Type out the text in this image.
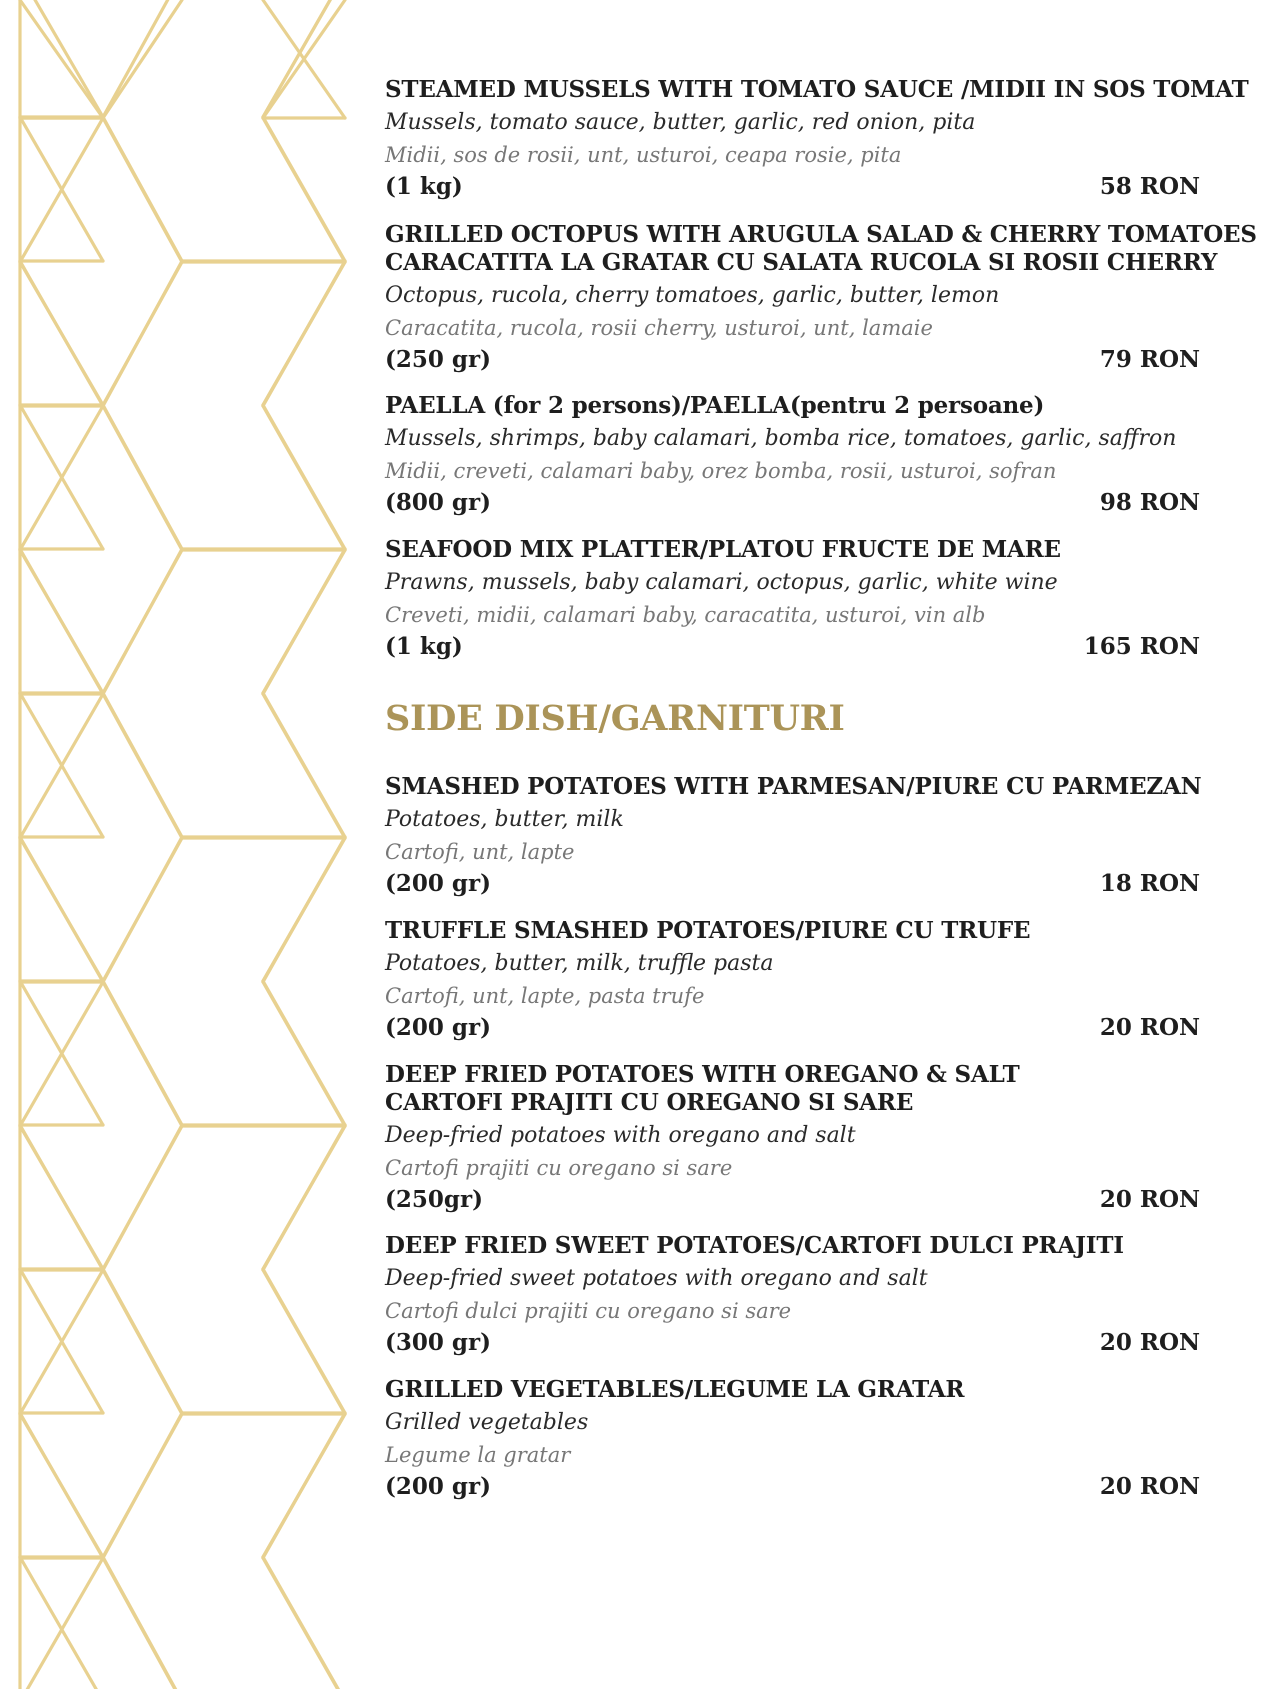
STEAMED MUSSELS WITH TOMATO SAUCE /MIDII IN SOS TOMAT
Mussels, tomato sauce, butter, garlic, red onion, pita
Midii, sos de rosii, unt, usturoi, ceapa rosie, pita
(1 kg)	58 RON
GRILLED OCTOPUS WITH ARUGULA SALAD & CHERRY TOMATOES
CARACATITA LA GRATAR CU SALATA RUCOLA SI ROSII CHERRY
Octopus, rucola, cherry tomatoes, garlic, butter, lemon
Caracatita, rucola, rosii cherry, usturoi, unt, lamaie
(250 gr)	79 RON
PAELLA (for 2 persons)/PAELLA(pentru 2 persoane)
Mussels, shrimps, baby calamari, bomba rice, tomatoes, garlic, saffron
Midii, creveti, calamari baby, orez bomba, rosii, usturoi, sofran
(800 gr)	98 RON
SEAFOOD MIX PLATTER/PLATOU FRUCTE DE MARE
Prawns, mussels, baby calamari, octopus, garlic, white wine
Creveti, midii, calamari baby, caracatita, usturoi, vin alb
(1 kg)	165 RON
SIDE DISH/GARNITURI
SMASHED POTATOES WITH PARMESAN/PIURE CU PARMEZAN
Potatoes, butter, milk
Cartofi, unt, lapte
(200 gr)	18 RON
TRUFFLE SMASHED POTATOES/PIURE CU TRUFE
Potatoes, butter, milk, truffle pasta
Cartofi, unt, lapte, pasta trufe
(200 gr)	20 RON
DEEP FRIED POTATOES WITH OREGANO & SALT
CARTOFI PRAJITI CU OREGANO SI SARE
Deep-fried potatoes with oregano and salt
Cartofi prajiti cu oregano si sare
(250gr)	20 RON
DEEP FRIED SWEET POTATOES/CARTOFI DULCI PRAJITI
Deep-fried sweet potatoes with oregano and salt
Cartofi dulci prajiti cu oregano si sare
(300 gr)	20 RON
GRILLED VEGETABLES/LEGUME LA GRATAR
Grilled vegetables
Legume la gratar
(200 gr)	20 RON
